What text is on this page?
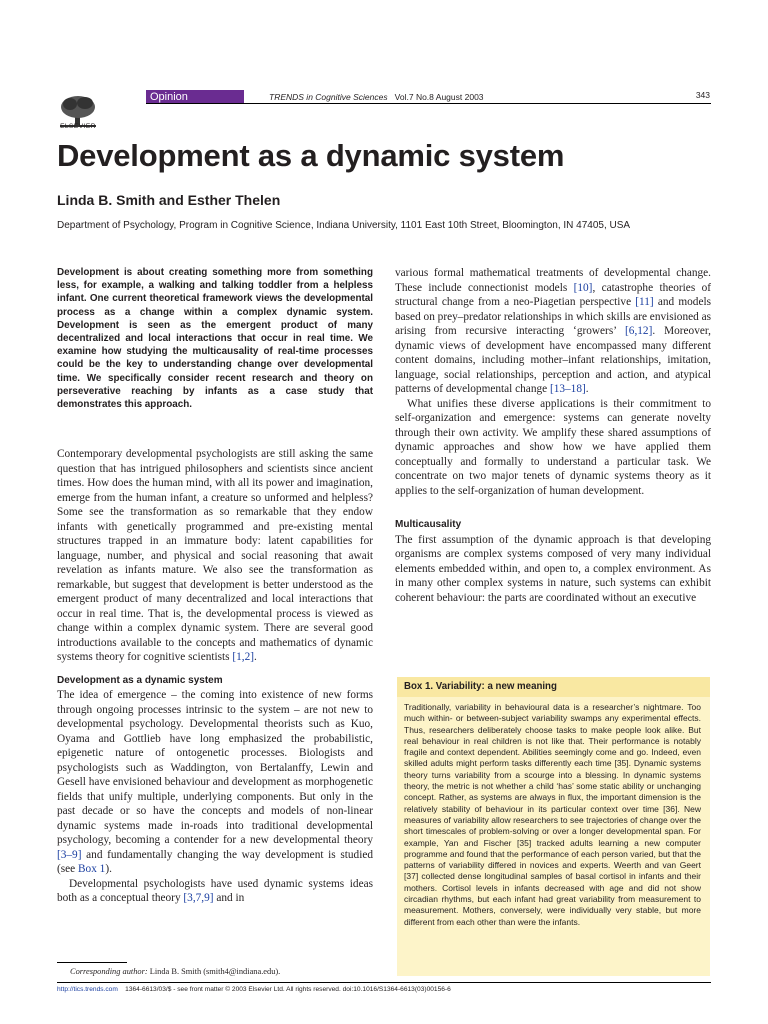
ELSEVIER
Opinion	TRENDS in Cognitive Sciences Vol.7 No.8 August 2003	343
Development as a dynamic system
Linda B. Smith and Esther Thelen
Department of Psychology, Program in Cognitive Science, Indiana University, 1101 East 10th Street, Bloomington, IN 47405, USA
Development is about creating something more from something less, for example, a walking and talking toddler from a helpless infant. One current theoretical framework views the developmental process as a change within a complex dynamic system. Development is seen as the emergent product of many decentralized and local interactions that occur in real time. We examine how studying the multicausality of real-time processes could be the key to understanding change over developmental time. We specifically consider recent research and theory on perseverative reaching by infants as a case study that demonstrates this approach.

Contemporary developmental psychologists are still asking the same question that has intrigued philosophers and scientists since ancient times. How does the human mind, with all its power and imagination, emerge from the human infant, a creature so unformed and helpless? Some see the transformation as so remarkable that they endow infants with genetically programmed and pre-existing mental structures trapped in an immature body: latent capabilities for language, number, and physical and social reasoning that await revelation as infants mature. We also see the transformation as remarkable, but suggest that development is better understood as the emergent product of many decentralized and local interactions that occur in real time. That is, the developmental process is viewed as change within a complex dynamic system. There are several good introductions available to the concepts and mathematics of dynamic systems theory for cognitive scientists [1,2].

Development as a dynamic system

The idea of emergence – the coming into existence of new forms through ongoing processes intrinsic to the system – are not new to developmental psychology. Developmental theorists such as Kuo, Oyama and Gottlieb have long emphasized the probabilistic, epigenetic nature of ontogenetic processes. Biologists and psychologists such as Waddington, von Bertalanffy, Lewin and Gesell have envisioned behaviour and development as morphogenetic fields that unify multiple, underlying components. But only in the past decade or so have the concepts and models of non-linear dynamic systems made in-roads into traditional developmental psychology, becoming a contender for a new developmental theory [3–9] and fundamentally changing the way development is studied (see Box 1).

Developmental psychologists have used dynamic systems ideas both as a conceptual theory [3,7,9] and in

various formal mathematical treatments of developmental change. These include connectionist models [10], catastrophe theories of structural change from a neo-Piagetian perspective [11] and models based on prey–predator relationships in which skills are envisioned as arising from recursive interacting ‘growers’ [6,12]. Moreover, dynamic views of development have encompassed many different content domains, including mother–infant relationships, imitation, language, social relationships, perception and action, and atypical patterns of developmental change [13–18].

What unifies these diverse applications is their commitment to self-organization and emergence: systems can generate novelty through their own activity. We amplify these shared assumptions of dynamic approaches and show how we have applied them conceptually and formally to understand a particular task. We concentrate on two major tenets of dynamic systems theory as it applies to the self-organization of human development.

Multicausality

The first assumption of the dynamic approach is that developing organisms are complex systems composed of very many individual elements embedded within, and open to, a complex environment. As in many other complex systems in nature, such systems can exhibit coherent behaviour: the parts are coordinated without an executive

Box 1. Variability: a new meaning
Traditionally, variability in behavioural data is a researcher’s nightmare. Too much within- or between-subject variability swamps any experimental effects. Thus, researchers deliberately choose tasks to make people look alike. But real behaviour in real children is not like that. Their performance is notably fragile and context dependent. Abilities seemingly come and go. Indeed, even skilled adults might perform tasks differently each time [35]. Dynamic systems theory turns variability from a scourge into a blessing. In dynamic systems theory, the metric is not whether a child ‘has’ some static ability or unchanging concept. Rather, as systems are always in flux, the important dimension is the relatively stability of behaviour in its particular context over time [36]. New measures of variability allow researchers to see trajectories of change over the short timescales of problem-solving or over a longer developmental span. For example, Yan and Fischer [35] tracked adults learning a new computer programme and found that the performance of each person varied, but that the patterns of variability differed in novices and experts. Weerth and van Geert [37] collected dense longitudinal samples of basal cortisol in infants and their mothers. Cortisol levels in infants decreased with age and did not show circadian rhythms, but each infant had great variability from measurement to measurement. Mothers, conversely, were individually very stable, but more different from each other than were the infants.
Corresponding author: Linda B. Smith (smith4@indiana.edu).
http://tics.trends.com 1364-6613/03/$ - see front matter © 2003 Elsevier Ltd. All rights reserved. doi:10.1016/S1364-6613(03)00156-6
